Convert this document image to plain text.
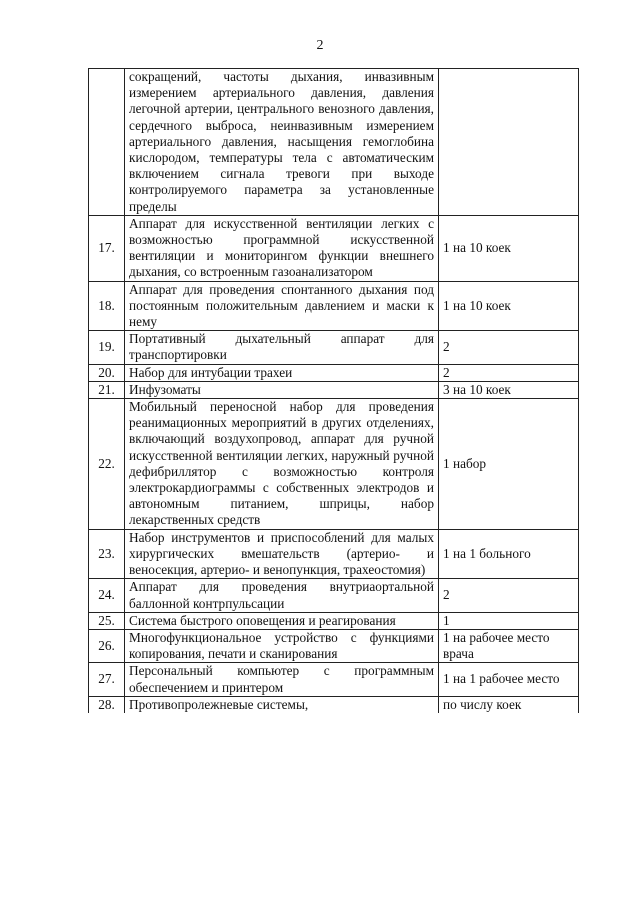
2
	сокращений, частоты дыхания, инвазивным измерением артериального давления, давления легочной артерии, центрального венозного давления, сердечного выброса, неинвазивным измерением артериального давления, насыщения гемоглобина кислородом, температуры тела с автоматическим включением сигнала тревоги при выходе контролируемого параметра за установленные пределы	
17.	Аппарат для искусственной вентиляции легких с возможностью программной искусственной вентиляции и мониторингом функции внешнего дыхания, со встроенным газоанализатором	1 на 10 коек
18.	Аппарат для проведения спонтанного дыхания под постоянным положительным давлением и маски к нему	1 на 10 коек
19.	Портативный дыхательный аппарат для транспортировки	2
20.	Набор для интубации трахеи	2
21.	Инфузоматы	3 на 10 коек
22.	Мобильный переносной набор для проведения реанимационных мероприятий в других отделениях, включающий воздухопровод, аппарат для ручной искусственной вентиляции легких, наружный ручной дефибриллятор с возможностью контроля электрокардиограммы с собственных электродов и автономным питанием, шприцы, набор лекарственных средств	1 набор
23.	Набор инструментов и приспособлений для малых хирургических вмешательств (артерио- и веносекция, артерио- и венопункция, трахеостомия)	1 на 1 больного
24.	Аппарат для проведения внутриаортальной баллонной контрпульсации	2
25.	Система быстрого оповещения и реагирования	1
26.	Многофункциональное устройство с функциями копирования, печати и сканирования	1 на рабочее место врача
27.	Персональный компьютер с программным обеспечением и принтером	1 на 1 рабочее место
28.	Противопролежневые системы,	по числу коек
